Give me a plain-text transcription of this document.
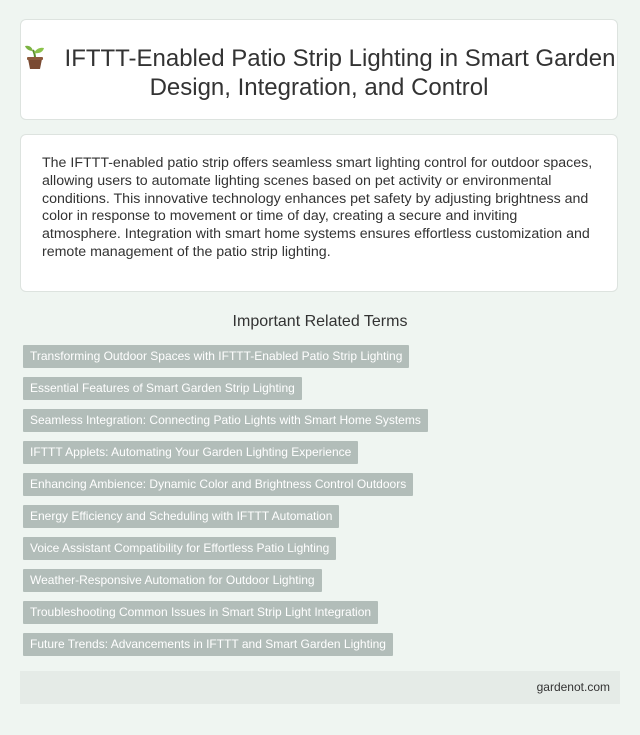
IFTTT-Enabled Patio Strip Lighting in Smart Garden Design, Integration, and Control

The IFTTT-enabled patio strip offers seamless smart lighting control for outdoor spaces, allowing users to automate lighting scenes based on pet activity or environmental conditions. This innovative technology enhances pet safety by adjusting brightness and color in response to movement or time of day, creating a secure and inviting atmosphere. Integration with smart home systems ensures effortless customization and remote management of the patio strip lighting.

Important Related Terms
Transforming Outdoor Spaces with IFTTT-Enabled Patio Strip Lighting
Essential Features of Smart Garden Strip Lighting
Seamless Integration: Connecting Patio Lights with Smart Home Systems
IFTTT Applets: Automating Your Garden Lighting Experience
Enhancing Ambience: Dynamic Color and Brightness Control Outdoors
Energy Efficiency and Scheduling with IFTTT Automation
Voice Assistant Compatibility for Effortless Patio Lighting
Weather-Responsive Automation for Outdoor Lighting
Troubleshooting Common Issues in Smart Strip Light Integration
Future Trends: Advancements in IFTTT and Smart Garden Lighting
gardenot.com
